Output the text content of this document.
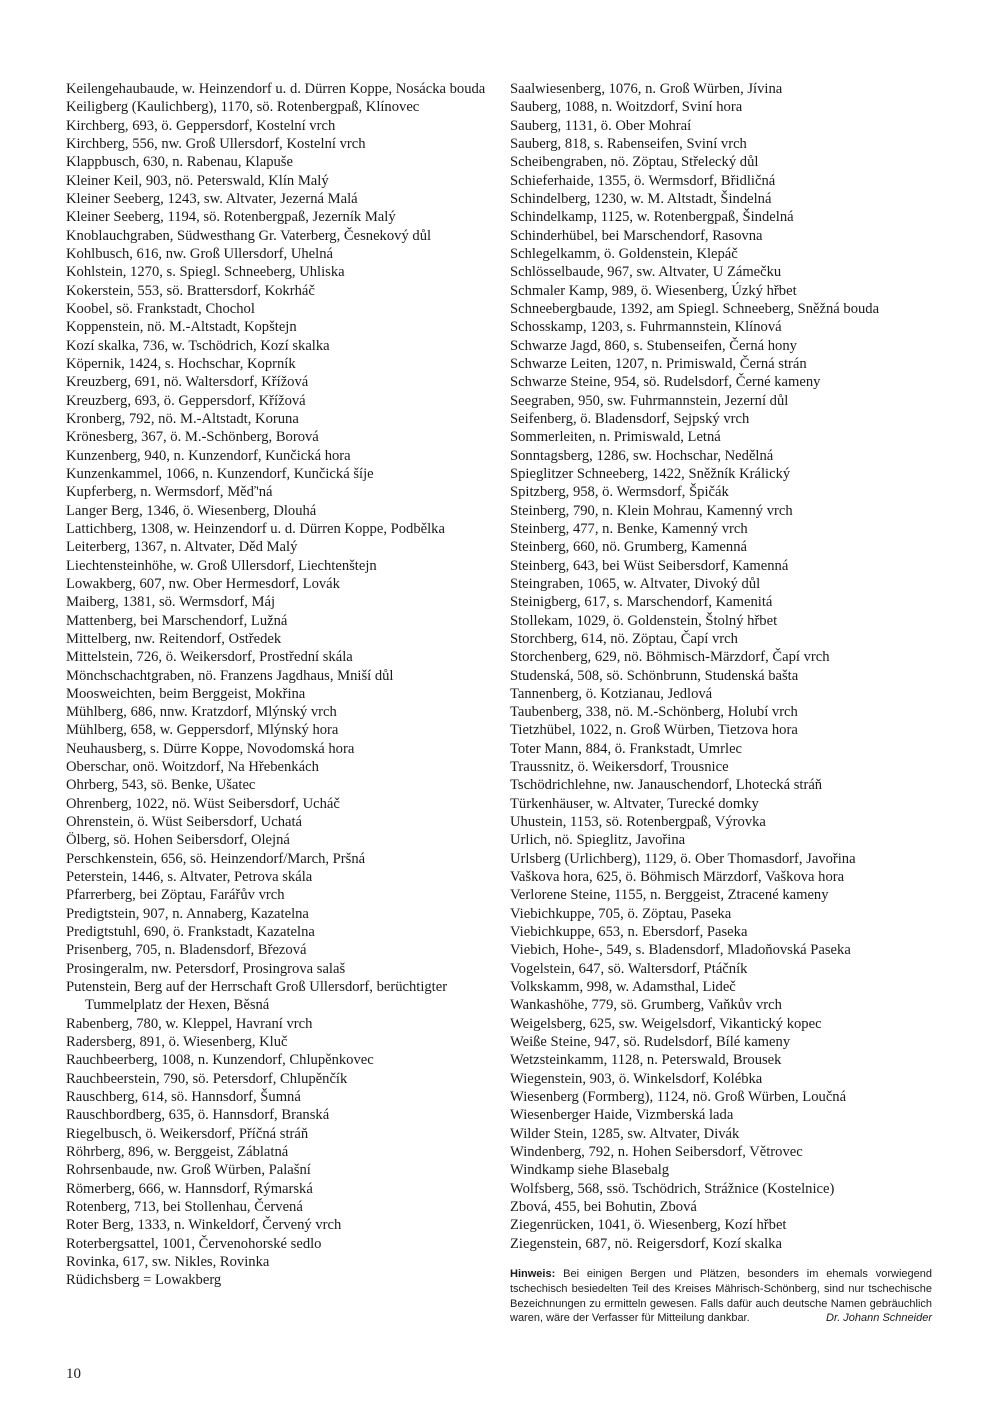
Keilengehaubaude, w. Heinzendorf u. d. Dürren Koppe, Nosácka bouda
Keiligberg (Kaulichberg), 1170, sö. Rotenbergpaß, Klínovec
Kirchberg, 693, ö. Geppersdorf, Kostelní vrch
Kirchberg, 556, nw. Groß Ullersdorf, Kostelní vrch
Klappbusch, 630, n. Rabenau, Klapuše
Kleiner Keil, 903, nö. Peterswald, Klín Malý
Kleiner Seeberg, 1243, sw. Altvater, Jezerná Malá
Kleiner Seeberg, 1194, sö. Rotenbergpaß, Jezerník Malý
Knoblauchgraben, Südwesthang Gr. Vaterberg, Česnekový důl
Kohlbusch, 616, nw. Groß Ullersdorf, Uhelná
Kohlstein, 1270, s. Spiegl. Schneeberg, Uhliska
Kokerstein, 553, sö. Brattersdorf, Kokrháč
Koobel, sö. Frankstadt, Chochol
Koppenstein, nö. M.-Altstadt, Kopštejn
Kozí skalka, 736, w. Tschödrich, Kozí skalka
Köpernik, 1424, s. Hochschar, Koprník
Kreuzberg, 691, nö. Waltersdorf, Křížová
Kreuzberg, 693, ö. Geppersdorf, Křížová
Kronberg, 792, nö. M.-Altstadt, Koruna
Krönesberg, 367, ö. M.-Schönberg, Borová
Kunzenberg, 940, n. Kunzendorf, Kunčická hora
Kunzenkammel, 1066, n. Kunzendorf, Kunčická šíje
Kupferberg, n. Wermsdorf, Měď'ná
Langer Berg, 1346, ö. Wiesenberg, Dlouhá
Lattichberg, 1308, w. Heinzendorf u. d. Dürren Koppe, Podbělka
Leiterberg, 1367, n. Altvater, Děd Malý
Liechtensteinhöhe, w. Groß Ullersdorf, Liechtenštejn
Lowakberg, 607, nw. Ober Hermesdorf, Lovák
Maiberg, 1381, sö. Wermsdorf, Máj
Mattenberg, bei Marschendorf, Lužná
Mittelberg, nw. Reitendorf, Ostředek
Mittelstein, 726, ö. Weikersdorf, Prostřední skála
Mönchschachtgraben, nö. Franzens Jagdhaus, Mniší důl
Moosweichten, beim Berggeist, Mokřina
Mühlberg, 686, nnw. Kratzdorf, Mlýnský vrch
Mühlberg, 658, w. Geppersdorf, Mlýnský hora
Neuhausberg, s. Dürre Koppe, Novodomská hora
Oberschar, onö. Woitzdorf, Na Hřebenkách
Ohrberg, 543, sö. Benke, Ušatec
Ohrenberg, 1022, nö. Wüst Seibersdorf, Ucháč
Ohrenstein, ö. Wüst Seibersdorf, Uchatá
Ölberg, sö. Hohen Seibersdorf, Olejná
Perschkenstein, 656, sö. Heinzendorf/March, Pršná
Peterstein, 1446, s. Altvater, Petrova skála
Pfarrerberg, bei Zöptau, Farářův vrch
Predigtstein, 907, n. Annaberg, Kazatelna
Predigtstuhl, 690, ö. Frankstadt, Kazatelna
Prisenberg, 705, n. Bladensdorf, Březová
Prosingeralm, nw. Petersdorf, Prosingrova salaš
Putenstein, Berg auf der Herrschaft Groß Ullersdorf, berüchtigter Tummelplatz der Hexen, Běsná
Rabenberg, 780, w. Kleppel, Havraní vrch
Radersberg, 891, ö. Wiesenberg, Kluč
Rauchbeerberg, 1008, n. Kunzendorf, Chlupěnkovec
Rauchbeerstein, 790, sö. Petersdorf, Chlupěnčík
Rauschberg, 614, sö. Hannsdorf, Šumná
Rauschbordberg, 635, ö. Hannsdorf, Branská
Riegelbusch, ö. Weikersdorf, Příčná stráň
Röhrberg, 896, w. Berggeist, Záblatná
Rohrsenbaude, nw. Groß Würben, Palašní
Römerberg, 666, w. Hannsdorf, Rýmarská
Rotenberg, 713, bei Stollenhau, Červená
Roter Berg, 1333, n. Winkeldorf, Červený vrch
Roterbergsattel, 1001, Červenohorské sedlo
Rovinka, 617, sw. Nikles, Rovinka
Rüdichsberg = Lowakberg
Saalwiesenberg, 1076, n. Groß Würben, Jívina
Sauberg, 1088, n. Woitzdorf, Sviní hora
Sauberg, 1131, ö. Ober Mohraí
Sauberg, 818, s. Rabenseifen, Sviní vrch
Scheibengraben, nö. Zöptau, Střelecký důl
Schieferhaide, 1355, ö. Wermsdorf, Břidličná
Schindelberg, 1230, w. M. Altstadt, Šindelná
Schindelkamp, 1125, w. Rotenbergpaß, Šindelná
Schinderhübel, bei Marschendorf, Rasovna
Schlegelkamm, ö. Goldenstein, Klepáč
Schlösselbaude, 967, sw. Altvater, U Zámečku
Schmaler Kamp, 989, ö. Wiesenberg, Úzký hřbet
Schneebergbaude, 1392, am Spiegl. Schneeberg, Sněžná bouda
Schosskamp, 1203, s. Fuhrmannstein, Klínová
Schwarze Jagd, 860, s. Stubenseifen, Černá hony
Schwarze Leiten, 1207, n. Primiswald, Černá strán
Schwarze Steine, 954, sö. Rudelsdorf, Černé kameny
Seegraben, 950, sw. Fuhrmannstein, Jezerní důl
Seifenberg, ö. Bladensdorf, Sejpský vrch
Sommerleiten, n. Primiswald, Letná
Sonntagsberg, 1286, sw. Hochschar, Nedělná
Spieglitzer Schneeberg, 1422, Sněžník Králický
Spitzberg, 958, ö. Wermsdorf, Špičák
Steinberg, 790, n. Klein Mohrau, Kamenný vrch
Steinberg, 477, n. Benke, Kamenný vrch
Steinberg, 660, nö. Grumberg, Kamenná
Steinberg, 643, bei Wüst Seibersdorf, Kamenná
Steingraben, 1065, w. Altvater, Divoký důl
Steinigberg, 617, s. Marschendorf, Kamenitá
Stollekam, 1029, ö. Goldenstein, Štolný hřbet
Storchberg, 614, nö. Zöptau, Čapí vrch
Storchenberg, 629, nö. Böhmisch-Märzdorf, Čapí vrch
Studenská, 508, sö. Schönbrunn, Studenská bašta
Tannenberg, ö. Kotzianau, Jedlová
Taubenberg, 338, nö. M.-Schönberg, Holubí vrch
Tietzhübel, 1022, n. Groß Würben, Tietzova hora
Toter Mann, 884, ö. Frankstadt, Umrlec
Traussnitz, ö. Weikersdorf, Trousnice
Tschödrichlehne, nw. Janauschendorf, Lhotecká stráň
Türkenhäuser, w. Altvater, Turecké domky
Uhustein, 1153, sö. Rotenbergpaß, Výrovka
Urlich, nö. Spieglitz, Javořina
Urlsberg (Urlichberg), 1129, ö. Ober Thomasdorf, Javořina
Vaškova hora, 625, ö. Böhmisch Märzdorf, Vaškova hora
Verlorene Steine, 1155, n. Berggeist, Ztracené kameny
Viebichkuppe, 705, ö. Zöptau, Paseka
Viebichkuppe, 653, n. Ebersdorf, Paseka
Viebich, Hohe-, 549, s. Bladensdorf, Mladoňovská Paseka
Vogelstein, 647, sö. Waltersdorf, Ptáčník
Volkskamm, 998, w. Adamsthal, Lideč
Wankashöhe, 779, sö. Grumberg, Vaňkův vrch
Weigelsberg, 625, sw. Weigelsdorf, Vikantický kopec
Weiße Steine, 947, sö. Rudelsdorf, Bílé kameny
Wetzsteinkamm, 1128, n. Peterswald, Brousek
Wiegenstein, 903, ö. Winkelsdorf, Kolébka
Wiesenberg (Formberg), 1124, nö. Groß Würben, Loučná
Wiesenberger Haide, Vizmberská lada
Wilder Stein, 1285, sw. Altvater, Divák
Windenberg, 792, n. Hohen Seibersdorf, Větrovec
Windkamp siehe Blasebalg
Wolfsberg, 568, ssö. Tschödrich, Strážnice (Kostelnice)
Zbová, 455, bei Bohutin, Zbová
Ziegenrücken, 1041, ö. Wiesenberg, Kozí hřbet
Ziegenstein, 687, nö. Reigersdorf, Kozí skalka
Hinweis: Bei einigen Bergen und Plätzen, besonders im ehemals vorwiegend tschechisch besiedelten Teil des Kreises Mährisch-Schönberg, sind nur tschechische Bezeichnungen zu ermitteln gewesen. Falls dafür auch deutsche Namen gebräuchlich waren, wäre der Verfasser für Mitteilung dankbar.	Dr. Johann Schneider
10
